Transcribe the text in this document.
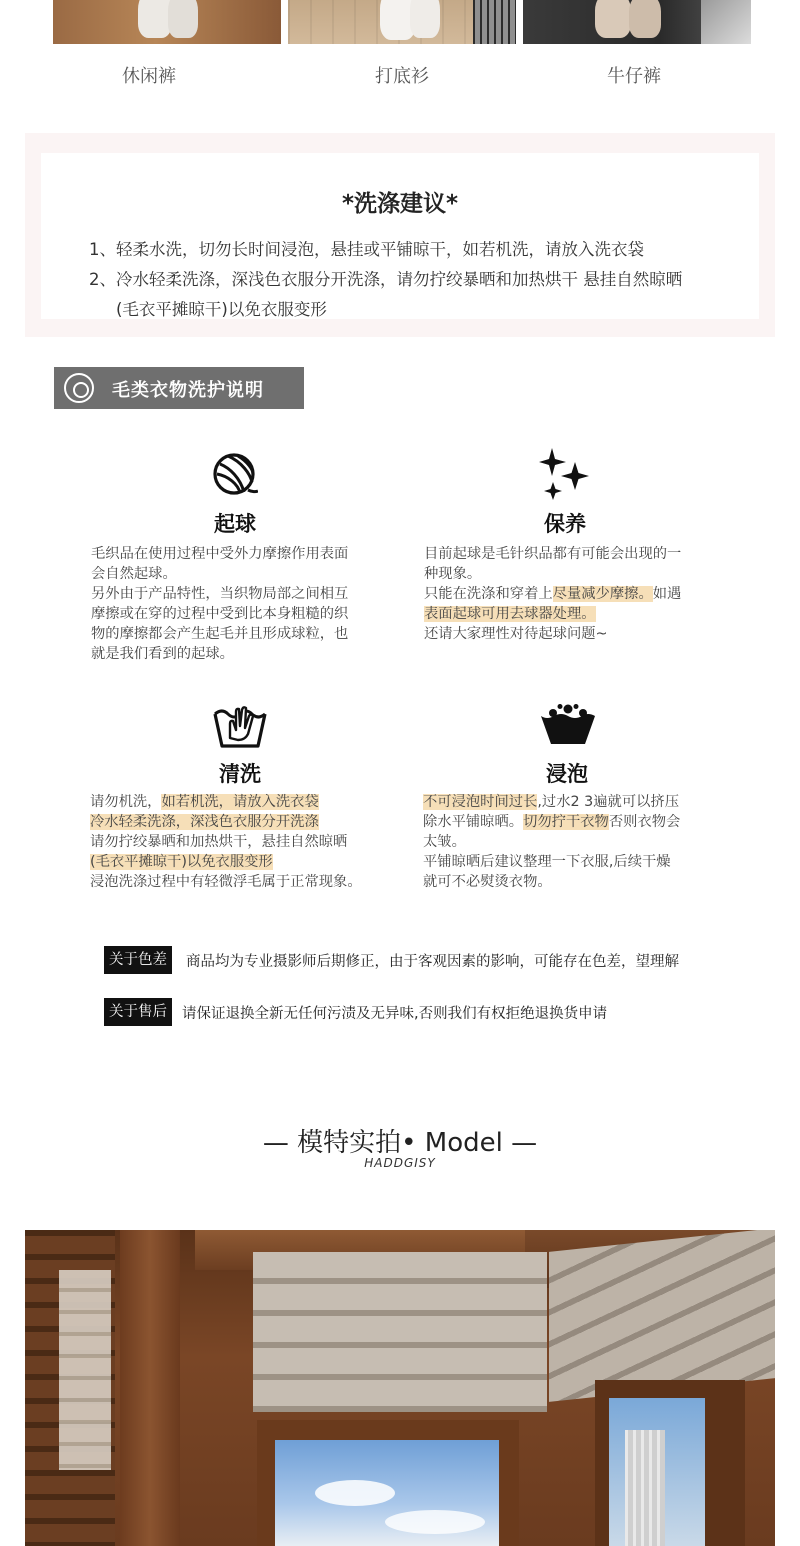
休闲裤	打底衫	牛仔裤
*洗涤建议*
1、轻柔水洗，切勿长时间浸泡，悬挂或平铺晾干，如若机洗，请放入洗衣袋
2、冷水轻柔洗涤，深浅色衣服分开洗涤，请勿拧绞暴晒和加热烘干 悬挂自然晾晒
(毛衣平摊晾干)以免衣服变形
毛类衣物洗护说明
起球
毛织品在使用过程中受外力摩擦作用表面
会自然起球。
另外由于产品特性，当织物局部之间相互
摩擦或在穿的过程中受到比本身粗糙的织
物的摩擦都会产生起毛并且形成球粒，也
就是我们看到的起球。
保养
目前起球是毛针织品都有可能会出现的一
种现象。
只能在洗涤和穿着上尽量减少摩擦。如遇
表面起球可用去球器处理。
还请大家理性对待起球问题~
清洗
请勿机洗，如若机洗，请放入洗衣袋
冷水轻柔洗涤，深浅色衣服分开洗涤
请勿拧绞暴晒和加热烘干，悬挂自然晾晒
(毛衣平摊晾干)以免衣服变形
浸泡洗涤过程中有轻微浮毛属于正常现象。
浸泡
不可浸泡时间过长,过水2 3遍就可以挤压
除水平铺晾晒。切勿拧干衣物否则衣物会
太皱。
平铺晾晒后建议整理一下衣服,后续干燥
就可不必熨烫衣物。
关于色差	商品均为专业摄影师后期修正，由于客观因素的影响，可能存在色差，望理解
关于售后	请保证退换全新无任何污渍及无异味,否则我们有权拒绝退换货申请
— 模特实拍• Model —
HADDGISY
